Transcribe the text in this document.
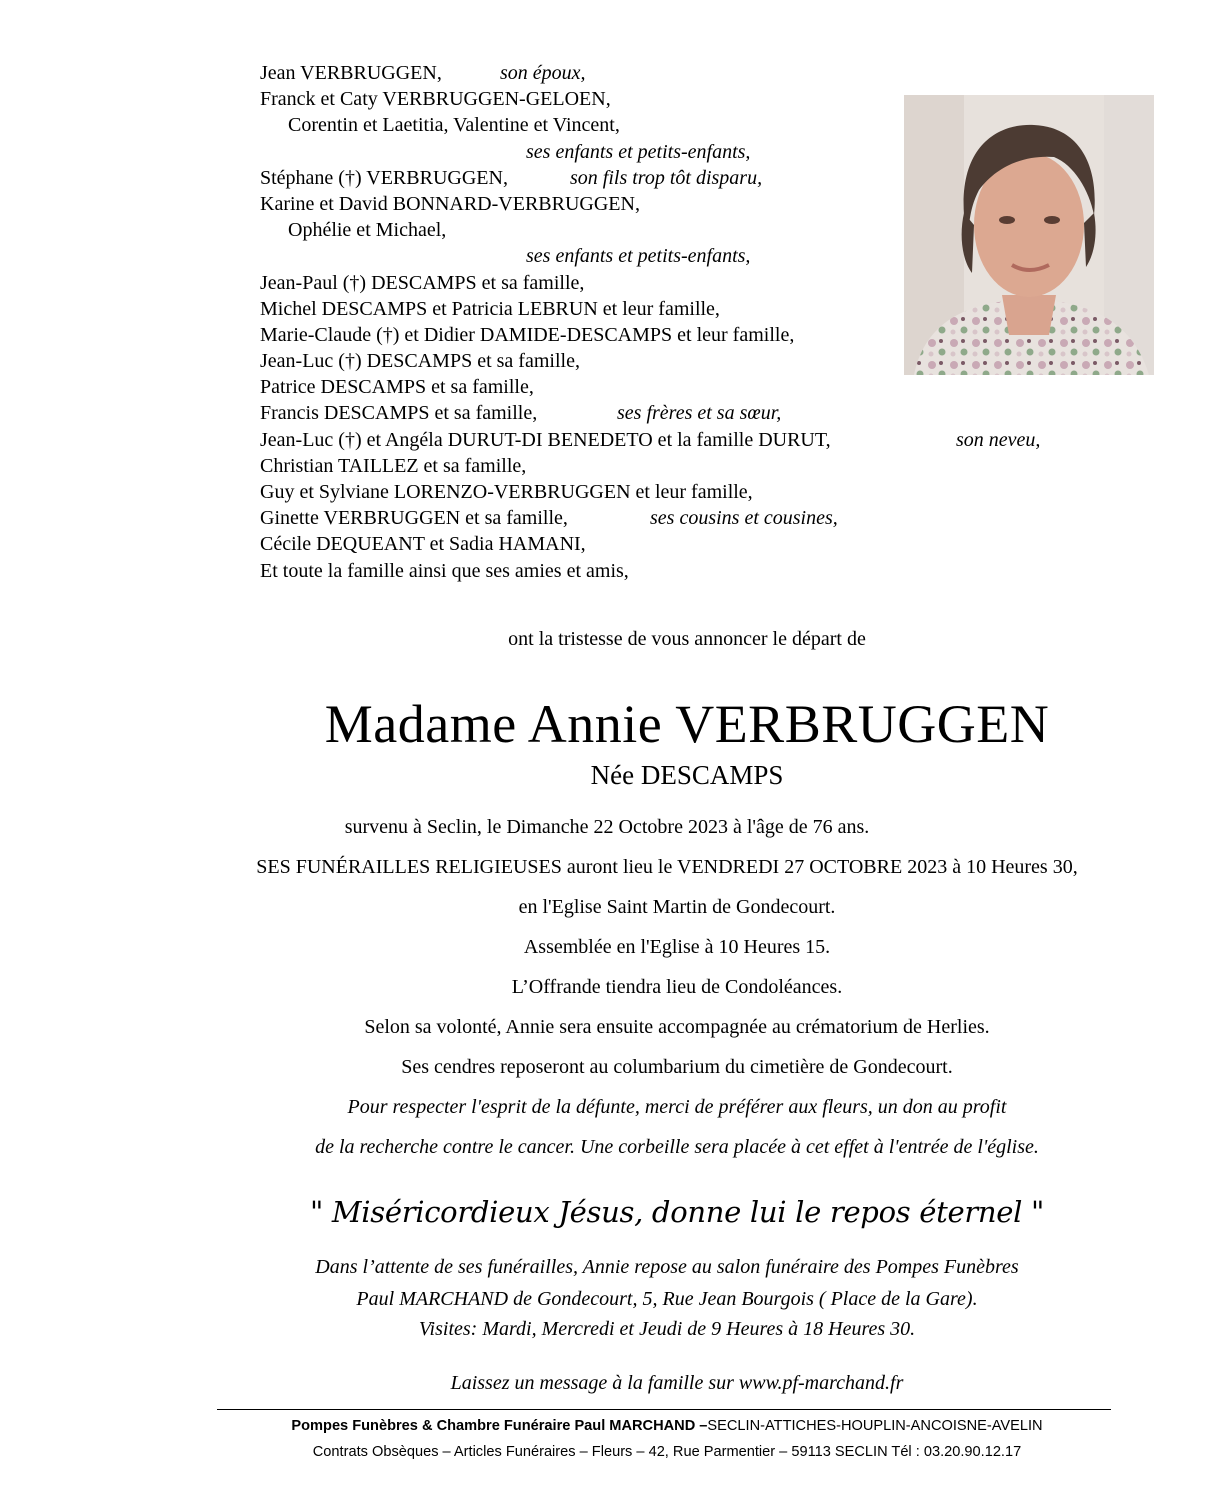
Jean VERBRUGGEN,	son époux,
Franck et Caty VERBRUGGEN-GELOEN,
Corentin et Laetitia, Valentine et Vincent,
ses enfants et petits-enfants,
Stéphane (†) VERBRUGGEN,	son fils trop tôt disparu,
Karine et David BONNARD-VERBRUGGEN,
Ophélie et Michael,
ses enfants et petits-enfants,
Jean-Paul (†) DESCAMPS et sa famille,
Michel DESCAMPS et Patricia LEBRUN et leur famille,
Marie-Claude (†) et Didier DAMIDE-DESCAMPS et leur famille,
Jean-Luc (†) DESCAMPS et sa famille,
Patrice DESCAMPS et sa famille,
Francis DESCAMPS et sa famille,	ses frères et sa sœur,
Jean-Luc (†) et Angéla DURUT-DI BENEDETO et la famille DURUT,	son neveu,
Christian TAILLEZ et sa famille,
Guy et Sylviane LORENZO-VERBRUGGEN et leur famille,
Ginette VERBRUGGEN et sa famille,	ses cousins et cousines,
Cécile DEQUEANT et Sadia HAMANI,
Et toute la famille ainsi que ses amies et amis,
ont la tristesse de vous annoncer le départ de
Madame Annie VERBRUGGEN
Née DESCAMPS
survenu à Seclin, le Dimanche 22 Octobre 2023 à l'âge de 76 ans.
SES FUNÉRAILLES RELIGIEUSES auront lieu le VENDREDI 27 OCTOBRE 2023 à 10 Heures 30,
en l'Eglise Saint Martin de Gondecourt.
Assemblée en l'Eglise à 10 Heures 15.
L’Offrande tiendra lieu de Condoléances.
Selon sa volonté, Annie sera ensuite accompagnée au crématorium de Herlies.
Ses cendres reposeront au columbarium du cimetière de Gondecourt.
Pour respecter l'esprit de la défunte, merci de préférer aux fleurs, un don au profit
de la recherche contre le cancer. Une corbeille sera placée à cet effet à l'entrée de l'église.
" Miséricordieux Jésus, donne lui le repos éternel "
Dans l’attente de ses funérailles, Annie repose au salon funéraire des Pompes Funèbres
Paul MARCHAND de Gondecourt, 5, Rue Jean Bourgois ( Place de la Gare).
Visites: Mardi, Mercredi et Jeudi de 9 Heures à 18 Heures 30.
Laissez un message à la famille sur www.pf-marchand.fr
Pompes Funèbres & Chambre Funéraire Paul MARCHAND –SECLIN-ATTICHES-HOUPLIN-ANCOISNE-AVELIN
Contrats Obsèques – Articles Funéraires – Fleurs – 42, Rue Parmentier – 59113 SECLIN Tél : 03.20.90.12.17
